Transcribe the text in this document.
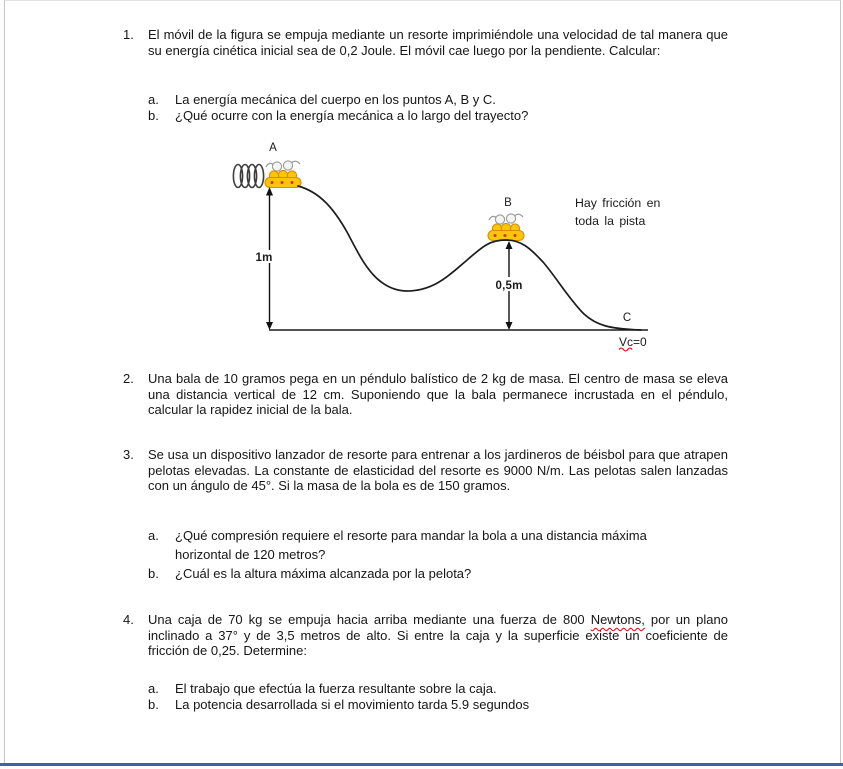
1.	El móvil de la figura se empuja mediante un resorte imprimiéndole una velocidad de tal manera que su energía cinética inicial sea de 0,2 Joule. El móvil cae luego por la pendiente. Calcular:
a.	La energía mecánica del cuerpo en los puntos A, B y C.
b.	¿Qué ocurre con la energía mecánica a lo largo del trayecto?
1m
0,5m
A
B
C
Hay fricción en
toda la pista
Vc=0
2.	Una bala de 10 gramos pega en un péndulo balístico de 2 kg de masa. El centro de masa se eleva una distancia vertical de 12 cm. Suponiendo que la bala permanece incrustada en el péndulo, calcular la rapidez inicial de la bala.
3.	Se usa un dispositivo lanzador de resorte para entrenar a los jardineros de béisbol para que atrapen pelotas elevadas. La constante de elasticidad del resorte es 9000 N/m. Las pelotas salen lanzadas con un ángulo de 45°. Si la masa de la bola es de 150 gramos.
a.	¿Qué compresión requiere el resorte para mandar la bola a una distancia máxima horizontal de 120 metros?
b.	¿Cuál es la altura máxima alcanzada por la pelota?
4.	Una caja de 70 kg se empuja hacia arriba mediante una fuerza de 800 Newtons, por un plano inclinado a 37° y de 3,5 metros de alto. Si entre la caja y la superficie existe un coeficiente de fricción de 0,25. Determine:
a.	El trabajo que efectúa la fuerza resultante sobre la caja.
b.	La potencia desarrollada si el movimiento tarda 5.9 segundos
